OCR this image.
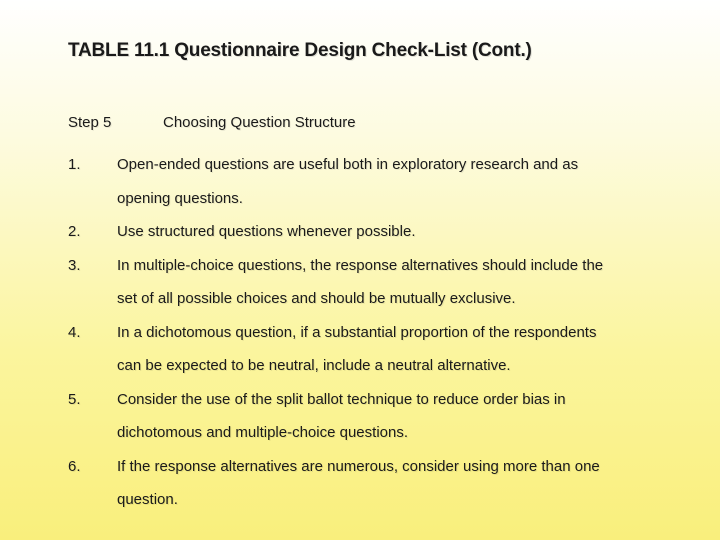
TABLE 11.1 Questionnaire Design Check-List (Cont.)
Step 5	Choosing Question Structure
1.	Open-ended questions are useful both in exploratory research and as
opening questions.
2.	Use structured questions whenever possible.
3.	In multiple-choice questions, the response alternatives should include the
set of all possible choices and should be mutually exclusive.
4.	In a dichotomous question, if a substantial proportion of the respondents
can be expected to be neutral, include a neutral alternative.
5.	Consider the use of the split ballot technique to reduce order bias in
dichotomous and multiple-choice questions.
6.	If the response alternatives are numerous, consider using more than one
question.
